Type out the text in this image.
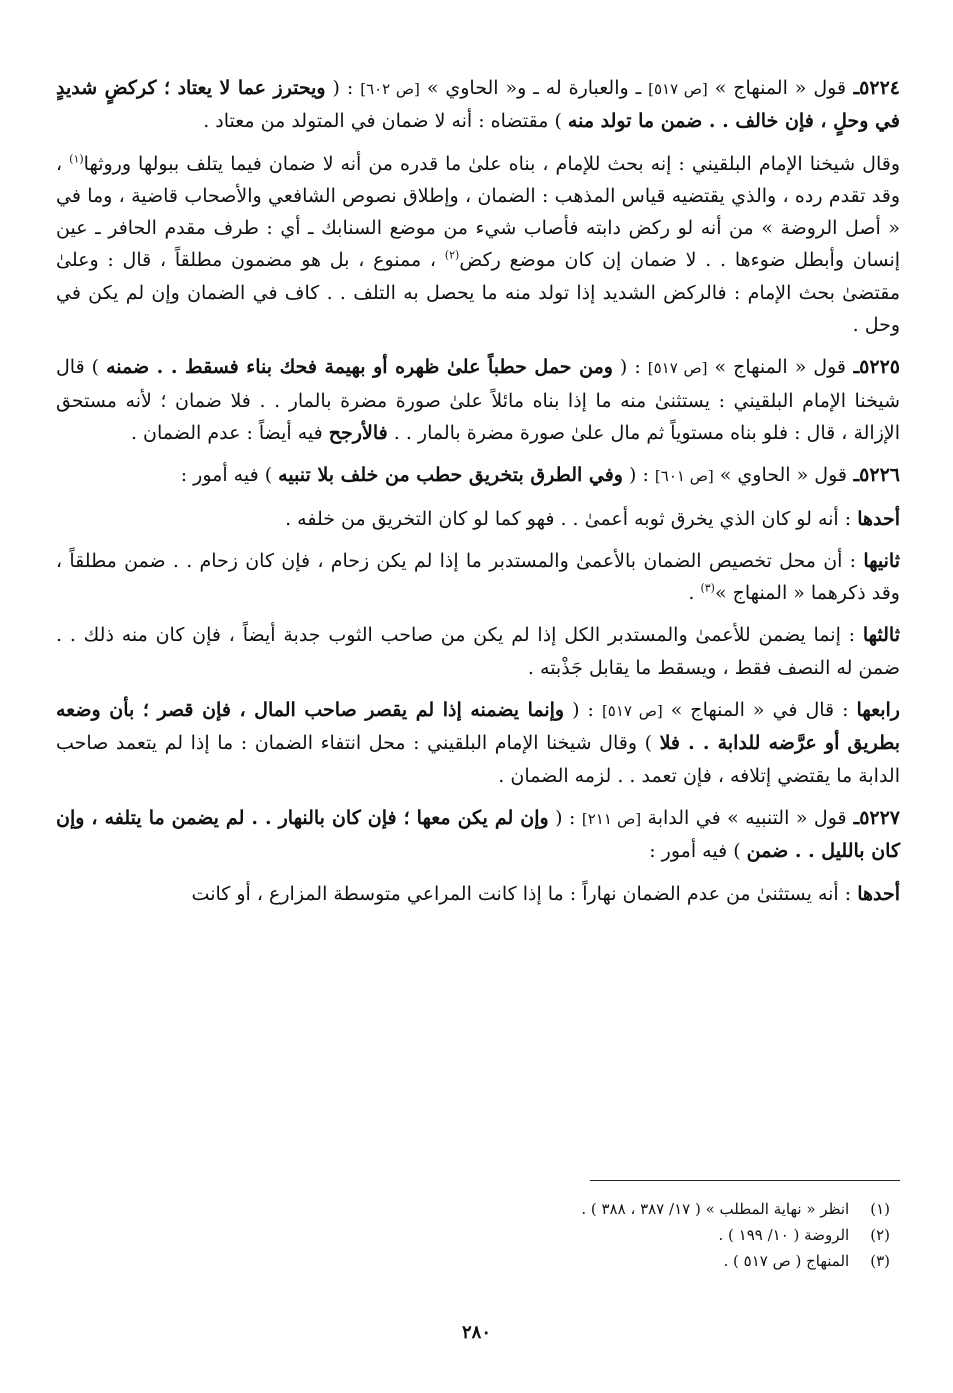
٥٢٢٤ـ قول « المنهاج » [ص ٥١٧] ـ والعبارة له ـ و« الحاوي » [ص ٦٠٢] : ( ويحترز عما لا يعتاد ؛ كركضٍ شديدٍ في وحلٍ ، فإن خالف . . ضمن ما تولد منه ) مقتضاه : أنه لا ضمان في المتولد من معتاد .

وقال شيخنا الإمام البلقيني : إنه بحث للإمام ، بناه علىٰ ما قدره من أنه لا ضمان فيما يتلف ببولها وروثها$^{(١)}$ ، وقد تقدم رده ، والذي يقتضيه قياس المذهب : الضمان ، وإطلاق نصوص الشافعي والأصحاب قاضية ، وما في « أصل الروضة » من أنه لو ركض دابته فأصاب شيء من موضع السنابك ـ أي : طرف مقدم الحافر ـ عين إنسان وأبطل ضوءها . . لا ضمان إن كان موضع ركض$^{(٢)}$ ، ممنوع ، بل هو مضمون مطلقاً ، قال : وعلىٰ مقتضىٰ بحث الإمام : فالركض الشديد إذا تولد منه ما يحصل به التلف . . كاف في الضمان وإن لم يكن في وحل .

٥٢٢٥ـ قول « المنهاج » [ص ٥١٧] : ( ومن حمل حطباً علىٰ ظهره أو بهيمة فحك بناء فسقط . . ضمنه ) قال شيخنا الإمام البلقيني : يستثنىٰ منه ما إذا بناه مائلاً علىٰ صورة مضرة بالمار . . فلا ضمان ؛ لأنه مستحق الإزالة ، قال : فلو بناه مستوياً ثم مال علىٰ صورة مضرة بالمار . . فالأرجح فيه أيضاً : عدم الضمان .

٥٢٢٦ـ قول « الحاوي » [ص ٦٠١] : ( وفي الطرق بتخريق حطب من خلف بلا تنبيه ) فيه أمور :

أحدها : أنه لو كان الذي يخرق ثوبه أعمىٰ . . فهو كما لو كان التخريق من خلفه .

ثانيها : أن محل تخصيص الضمان بالأعمىٰ والمستدبر ما إذا لم يكن زحام ، فإن كان زحام . . ضمن مطلقاً ، وقد ذكرهما « المنهاج »$^{(٣)}$ .

ثالثها : إنما يضمن للأعمىٰ والمستدبر الكل إذا لم يكن من صاحب الثوب جدبة أيضاً ، فإن كان منه ذلك . . ضمن له النصف فقط ، ويسقط ما يقابل جَذْبته .

رابعها : قال في « المنهاج » [ص ٥١٧] : ( وإنما يضمنه إذا لم يقصر صاحب المال ، فإن قصر ؛ بأن وضعه بطريق أو عرَّضه للدابة . . فلا ) وقال شيخنا الإمام البلقيني : محل انتفاء الضمان : ما إذا لم يتعمد صاحب الدابة ما يقتضي إتلافه ، فإن تعمد . . لزمه الضمان .

٥٢٢٧ـ قول « التنبيه » في الدابة [ص ٢١١] : ( وإن لم يكن معها ؛ فإن كان بالنهار . . لم يضمن ما يتلفه ، وإن كان بالليل . . ضمن ) فيه أمور :

أحدها : أنه يستثنىٰ من عدم الضمان نهاراً : ما إذا كانت المراعي متوسطة المزارع ، أو كانت

(١) انظر « نهاية المطلب » ( ١٧/ ٣٨٧ ، ٣٨٨ ) .
(٢) الروضة ( ١٠/ ١٩٩ ) .
(٣) المنهاج ( ص ٥١٧ ) .
٢٨٠
